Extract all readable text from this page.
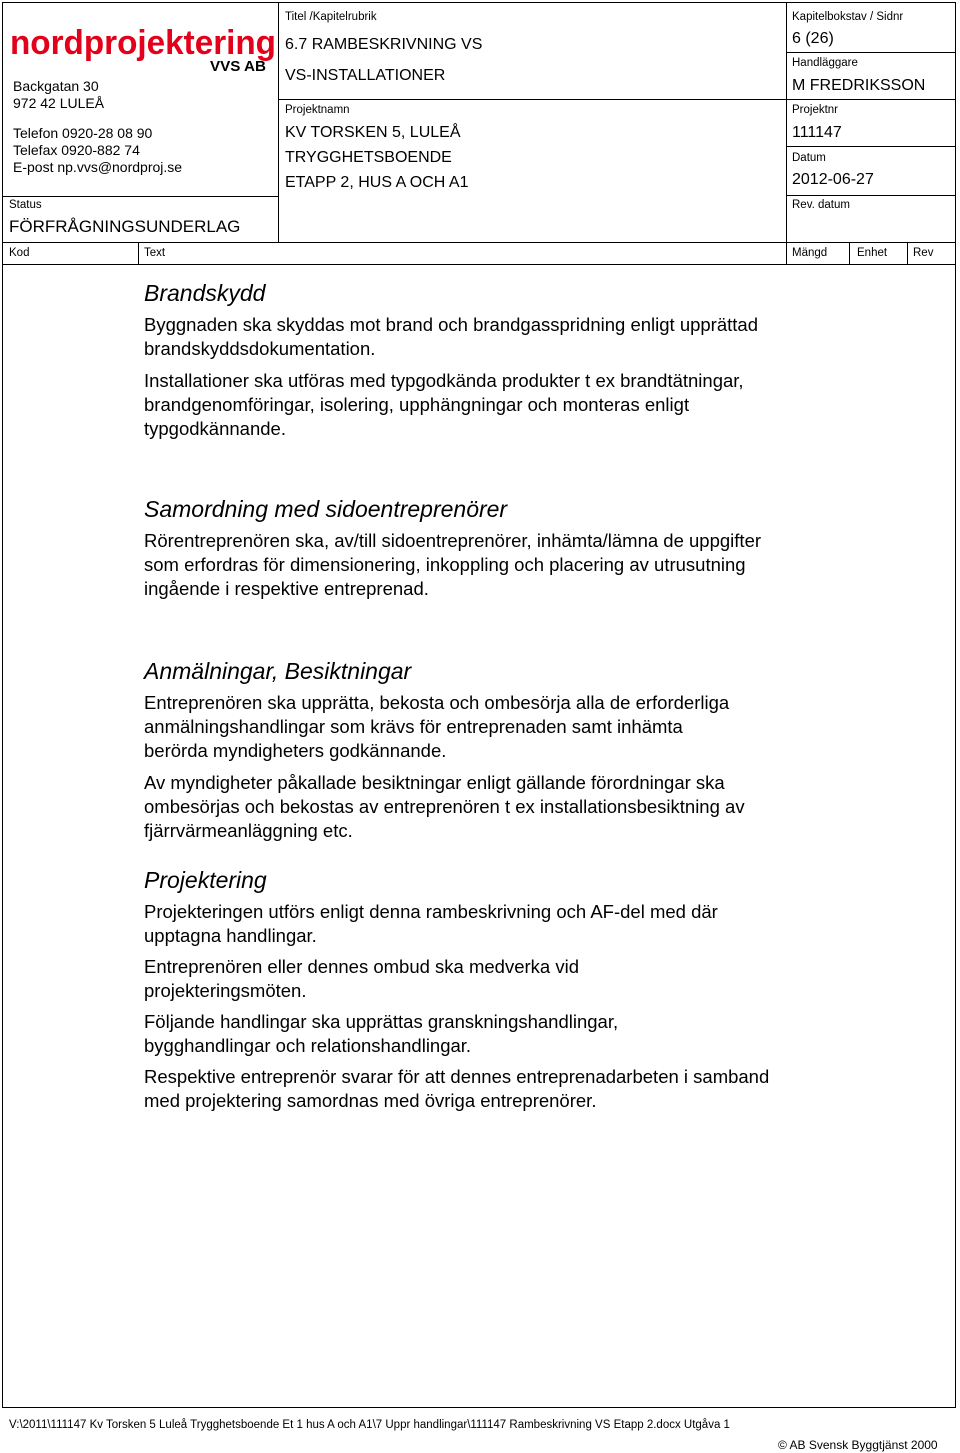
nordprojektering
VVS AB
Backgatan 30
972 42 LULEÅ
Telefon 0920-28 08 90
Telefax 0920-882 74
E-post np.vvs@nordproj.se
Status
FÖRFRÅGNINGSUNDERLAG
Titel /Kapitelrubrik
6.7 RAMBESKRIVNING VS
VS-INSTALLATIONER
Projektnamn
KV TORSKEN 5, LULEÅ
TRYGGHETSBOENDE
ETAPP 2, HUS A OCH A1
Kapitelbokstav / Sidnr
6 (26)
Handläggare
M FREDRIKSSON
Projektnr
111147
Datum
2012-06-27
Rev. datum
Kod	Text	Mängd	Enhet Rev
Brandskydd

Byggnaden ska skyddas mot brand och brandgasspridning enligt upprättad brandskyddsdokumentation.

Installationer ska utföras med typgodkända produkter t ex brandtätningar, brandgenomföringar, isolering, upphängningar och monteras enligt typgodkännande.

Samordning med sidoentreprenörer

Rörentreprenören ska, av/till sidoentreprenörer, inhämta/lämna de uppgifter som erfordras för dimensionering, inkoppling och placering av utrusutning ingående i respektive entreprenad.

Anmälningar, Besiktningar

Entreprenören ska upprätta, bekosta och ombesörja alla de erforderliga anmälningshandlingar som krävs för entreprenaden samt inhämta berörda myndigheters godkännande.

Av myndigheter påkallade besiktningar enligt gällande förordningar ska ombesörjas och bekostas av entreprenören t ex installationsbesiktning av fjärrvärmeanläggning etc.

Projektering

Projekteringen utförs enligt denna rambeskrivning och AF-del med där upptagna handlingar.

Entreprenören eller dennes ombud ska medverka vid projekteringsmöten.

Följande handlingar ska upprättas granskningshandlingar, bygghandlingar och relationshandlingar.

Respektive entreprenör svarar för att dennes entreprenadarbeten i samband med projektering samordnas med övriga entreprenörer.

V:\2011\111147 Kv Torsken 5 Luleå Trygghetsboende Et 1 hus A och A1\7 Uppr handlingar\111147 Rambeskrivning VS Etapp 2.docx Utgåva 1
© AB Svensk Byggtjänst 2000
